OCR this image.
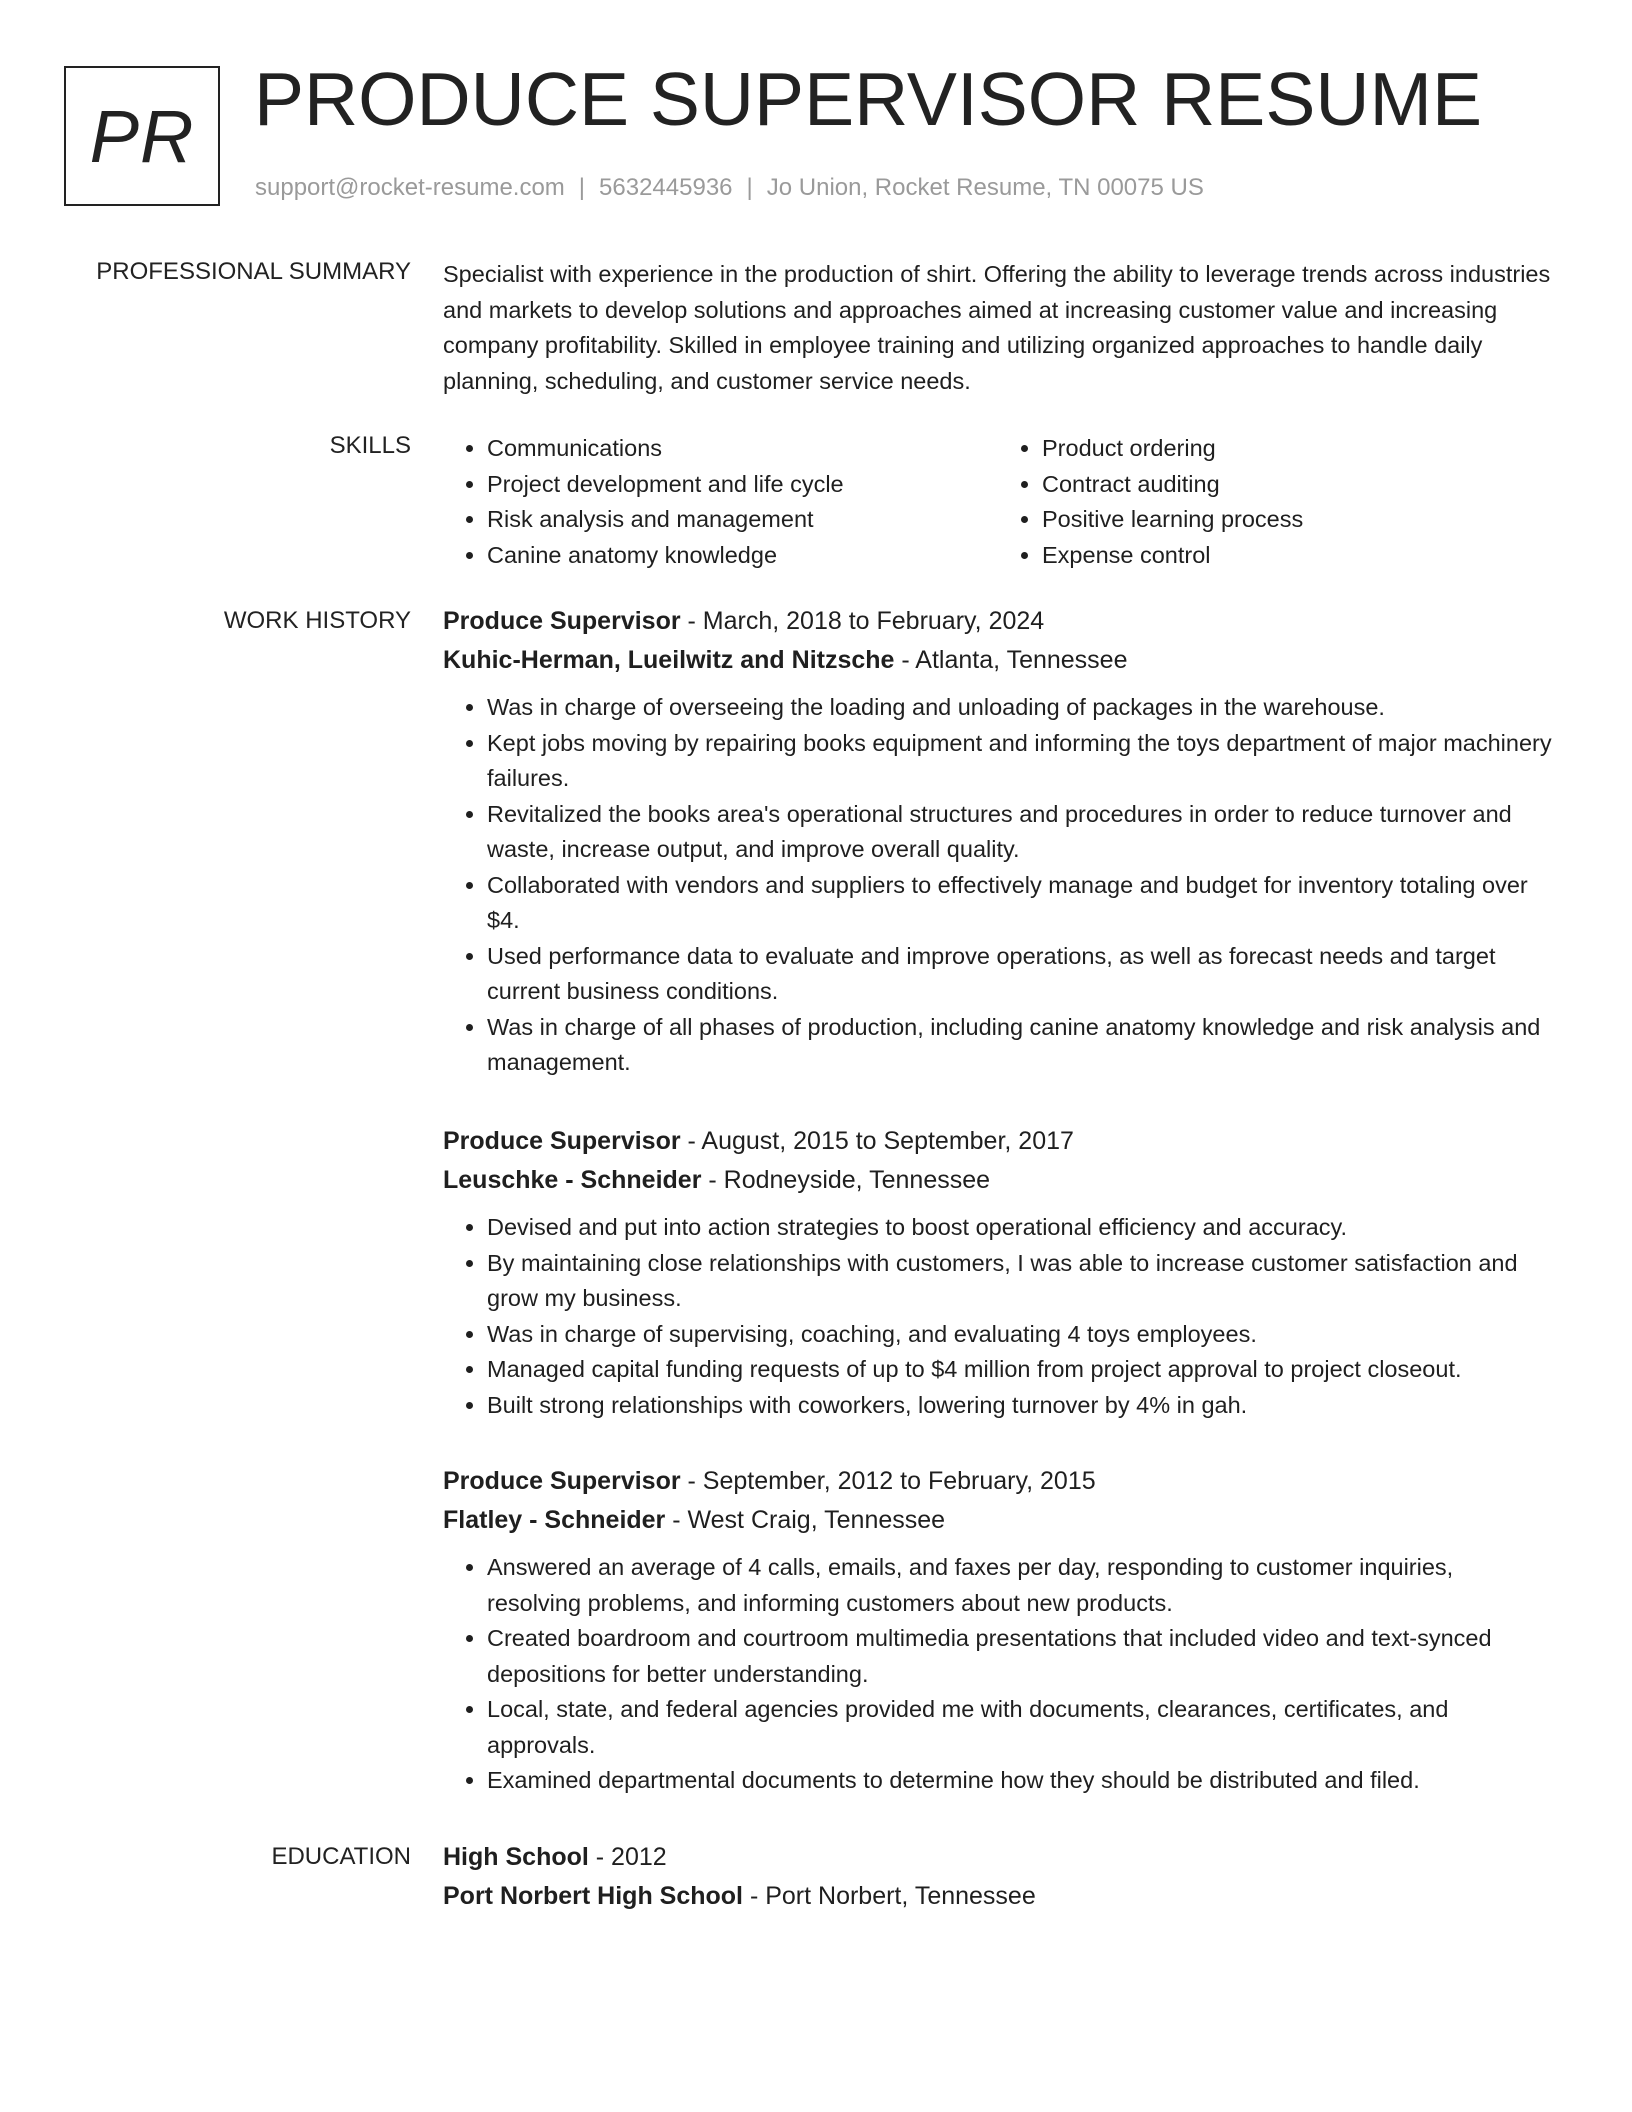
PR PRODUCE SUPERVISOR RESUME
support@rocket-resume.com | 5632445936 | Jo Union, Rocket Resume, TN 00075 US
PROFESSIONAL SUMMARY Specialist with experience in the production of shirt. Offering the ability to leverage trends across industries and markets to develop solutions and approaches aimed at increasing customer value and increasing company profitability. Skilled in employee training and utilizing organized approaches to handle daily planning, scheduling, and customer service needs.

SKILLS
•	Communications
• Project development and life cycle
• Risk analysis and management
• Canine anatomy knowledge
• Product ordering
• Contract auditing
• Positive learning process
• Expense control
WORK HISTORY Produce Supervisor - March, 2018 to February, 2024
Kuhic-Herman, Lueilwitz and Nitzsche - Atlanta, Tennessee
• Was in charge of overseeing the loading and unloading of packages in the warehouse.
• Kept jobs moving by repairing books equipment and informing the toys department of major machinery failures.
• Revitalized the books area's operational structures and procedures in order to reduce turnover and waste, increase output, and improve overall quality.
• Collaborated with vendors and suppliers to effectively manage and budget for inventory totaling over $4.
• Used performance data to evaluate and improve operations, as well as forecast needs and target current business conditions.
• Was in charge of all phases of production, including canine anatomy knowledge and risk analysis and management.
Produce Supervisor - August, 2015 to September, 2017
Leuschke - Schneider - Rodneyside, Tennessee
• Devised and put into action strategies to boost operational efficiency and accuracy.
• By maintaining close relationships with customers, I was able to increase customer satisfaction and grow my business.
• Was in charge of supervising, coaching, and evaluating 4 toys employees.
• Managed capital funding requests of up to $4 million from project approval to project closeout.
• Built strong relationships with coworkers, lowering turnover by 4% in gah.
Produce Supervisor - September, 2012 to February, 2015
Flatley - Schneider - West Craig, Tennessee
• Answered an average of 4 calls, emails, and faxes per day, responding to customer inquiries, resolving problems, and informing customers about new products.
• Created boardroom and courtroom multimedia presentations that included video and text-synced depositions for better understanding.
• Local, state, and federal agencies provided me with documents, clearances, certificates, and approvals.
• Examined departmental documents to determine how they should be distributed and filed.
EDUCATION High School - 2012
Port Norbert High School - Port Norbert, Tennessee
